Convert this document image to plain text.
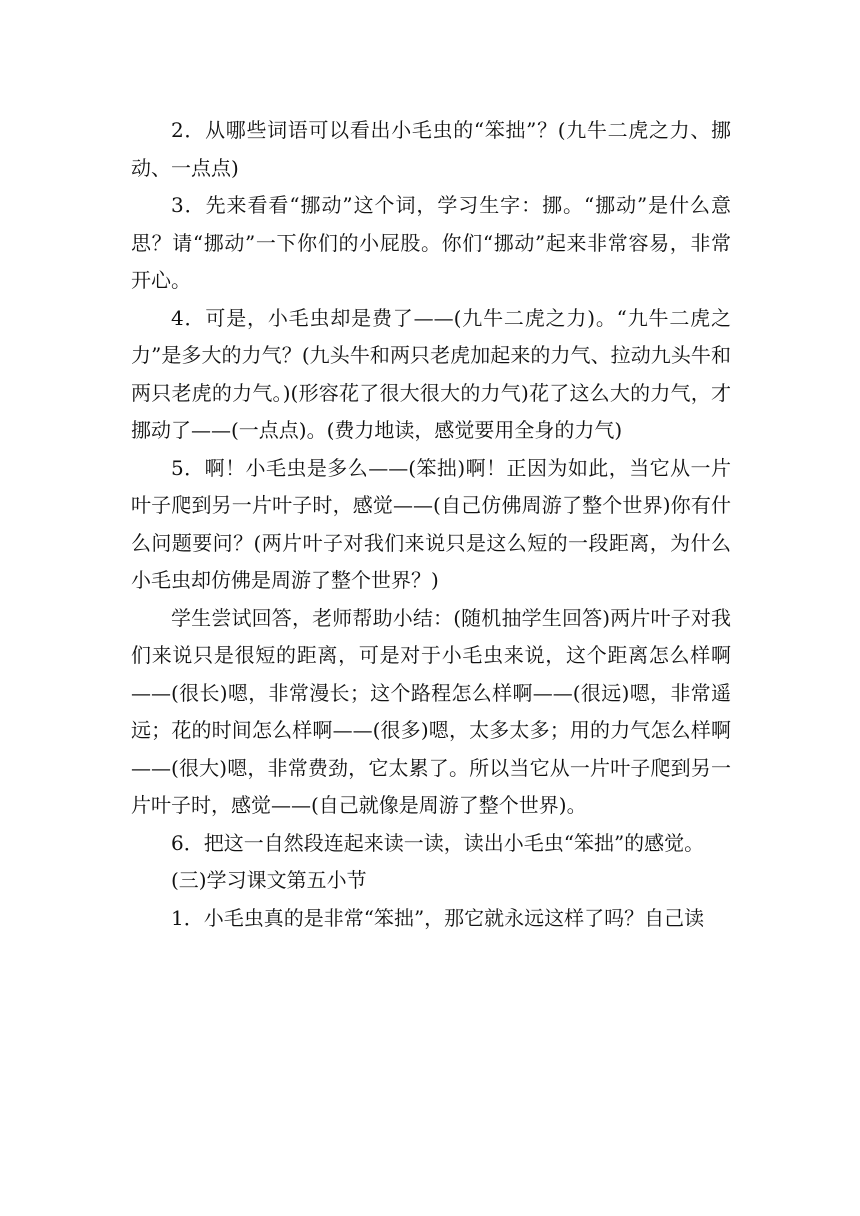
2．从哪些词语可以看出小毛虫的“笨拙”？(九牛二虎之力、挪动、一点点)

3．先来看看“挪动”这个词，学习生字：挪。“挪动”是什么意思？请“挪动”一下你们的小屁股。你们“挪动”起来非常容易，非常开心。

4．可是，小毛虫却是费了——(九牛二虎之力)。“九牛二虎之力”是多大的力气？(九头牛和两只老虎加起来的力气、拉动九头牛和两只老虎的力气。)(形容花了很大很大的力气)花了这么大的力气，才挪动了——(一点点)。(费力地读，感觉要用全身的力气)

5．啊！小毛虫是多么——(笨拙)啊！正因为如此，当它从一片叶子爬到另一片叶子时，感觉——(自己仿佛周游了整个世界)你有什么问题要问？(两片叶子对我们来说只是这么短的一段距离，为什么小毛虫却仿佛是周游了整个世界？)

学生尝试回答，老师帮助小结：(随机抽学生回答)两片叶子对我们来说只是很短的距离，可是对于小毛虫来说，这个距离怎么样啊——(很长)嗯，非常漫长；这个路程怎么样啊——(很远)嗯，非常遥远；花的时间怎么样啊——(很多)嗯，太多太多；用的力气怎么样啊——(很大)嗯，非常费劲，它太累了。所以当它从一片叶子爬到另一片叶子时，感觉——(自己就像是周游了整个世界)。

6．把这一自然段连起来读一读，读出小毛虫“笨拙”的感觉。

(三)学习课文第五小节

1．小毛虫真的是非常“笨拙”，那它就永远这样了吗？自己读
